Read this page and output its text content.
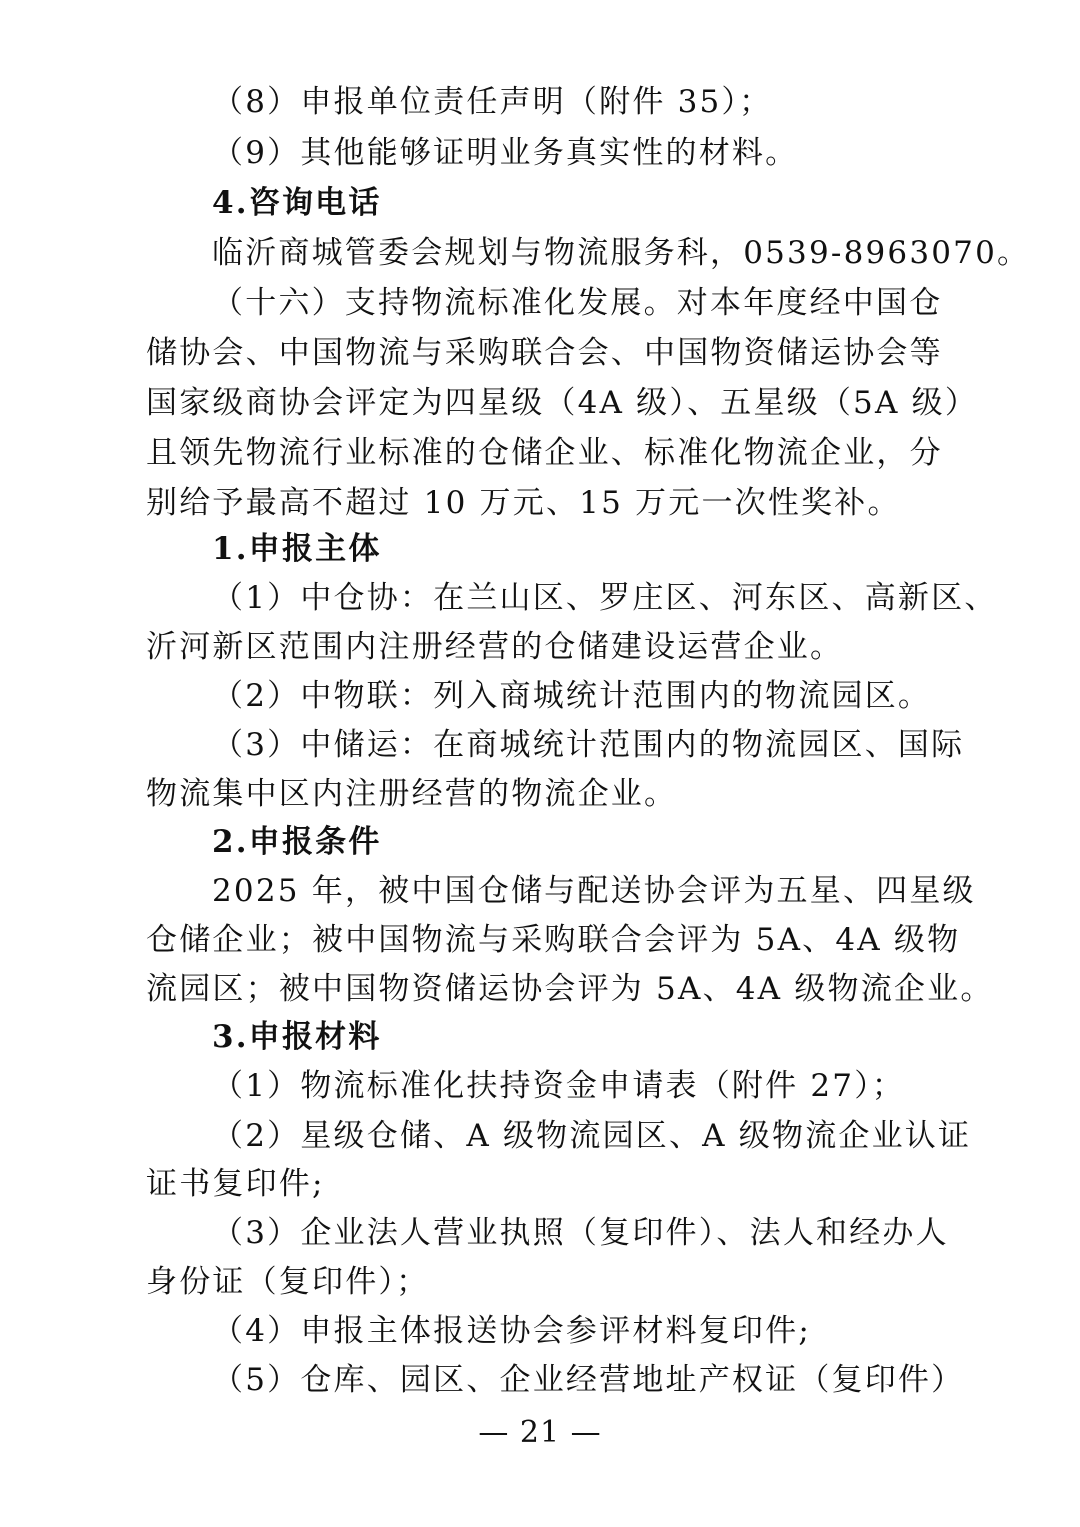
（8）申报单位责任声明（附件 35）；
（9）其他能够证明业务真实性的材料。
4.咨询电话
临沂商城管委会规划与物流服务科，0539-8963070。
（十六）支持物流标准化发展。对本年度经中国仓
储协会、中国物流与采购联合会、中国物资储运协会等
国家级商协会评定为四星级（4A 级）、五星级（5A 级）
且领先物流行业标准的仓储企业、标准化物流企业，分
别给予最高不超过 10 万元、15 万元一次性奖补。
1.申报主体
（1）中仓协：在兰山区、罗庄区、河东区、高新区、
沂河新区范围内注册经营的仓储建设运营企业。
（2）中物联：列入商城统计范围内的物流园区。
（3）中储运：在商城统计范围内的物流园区、国际
物流集中区内注册经营的物流企业。
2.申报条件
2025 年，被中国仓储与配送协会评为五星、四星级
仓储企业；被中国物流与采购联合会评为 5A、4A 级物
流园区；被中国物资储运协会评为 5A、4A 级物流企业。
3.申报材料
（1）物流标准化扶持资金申请表（附件 27）；
（2）星级仓储、A 级物流园区、A 级物流企业认证
证书复印件;
（3）企业法人营业执照（复印件）、法人和经办人
身份证（复印件）；
（4）申报主体报送协会参评材料复印件;
（5）仓库、园区、企业经营地址产权证（复印件）
— 21 —
